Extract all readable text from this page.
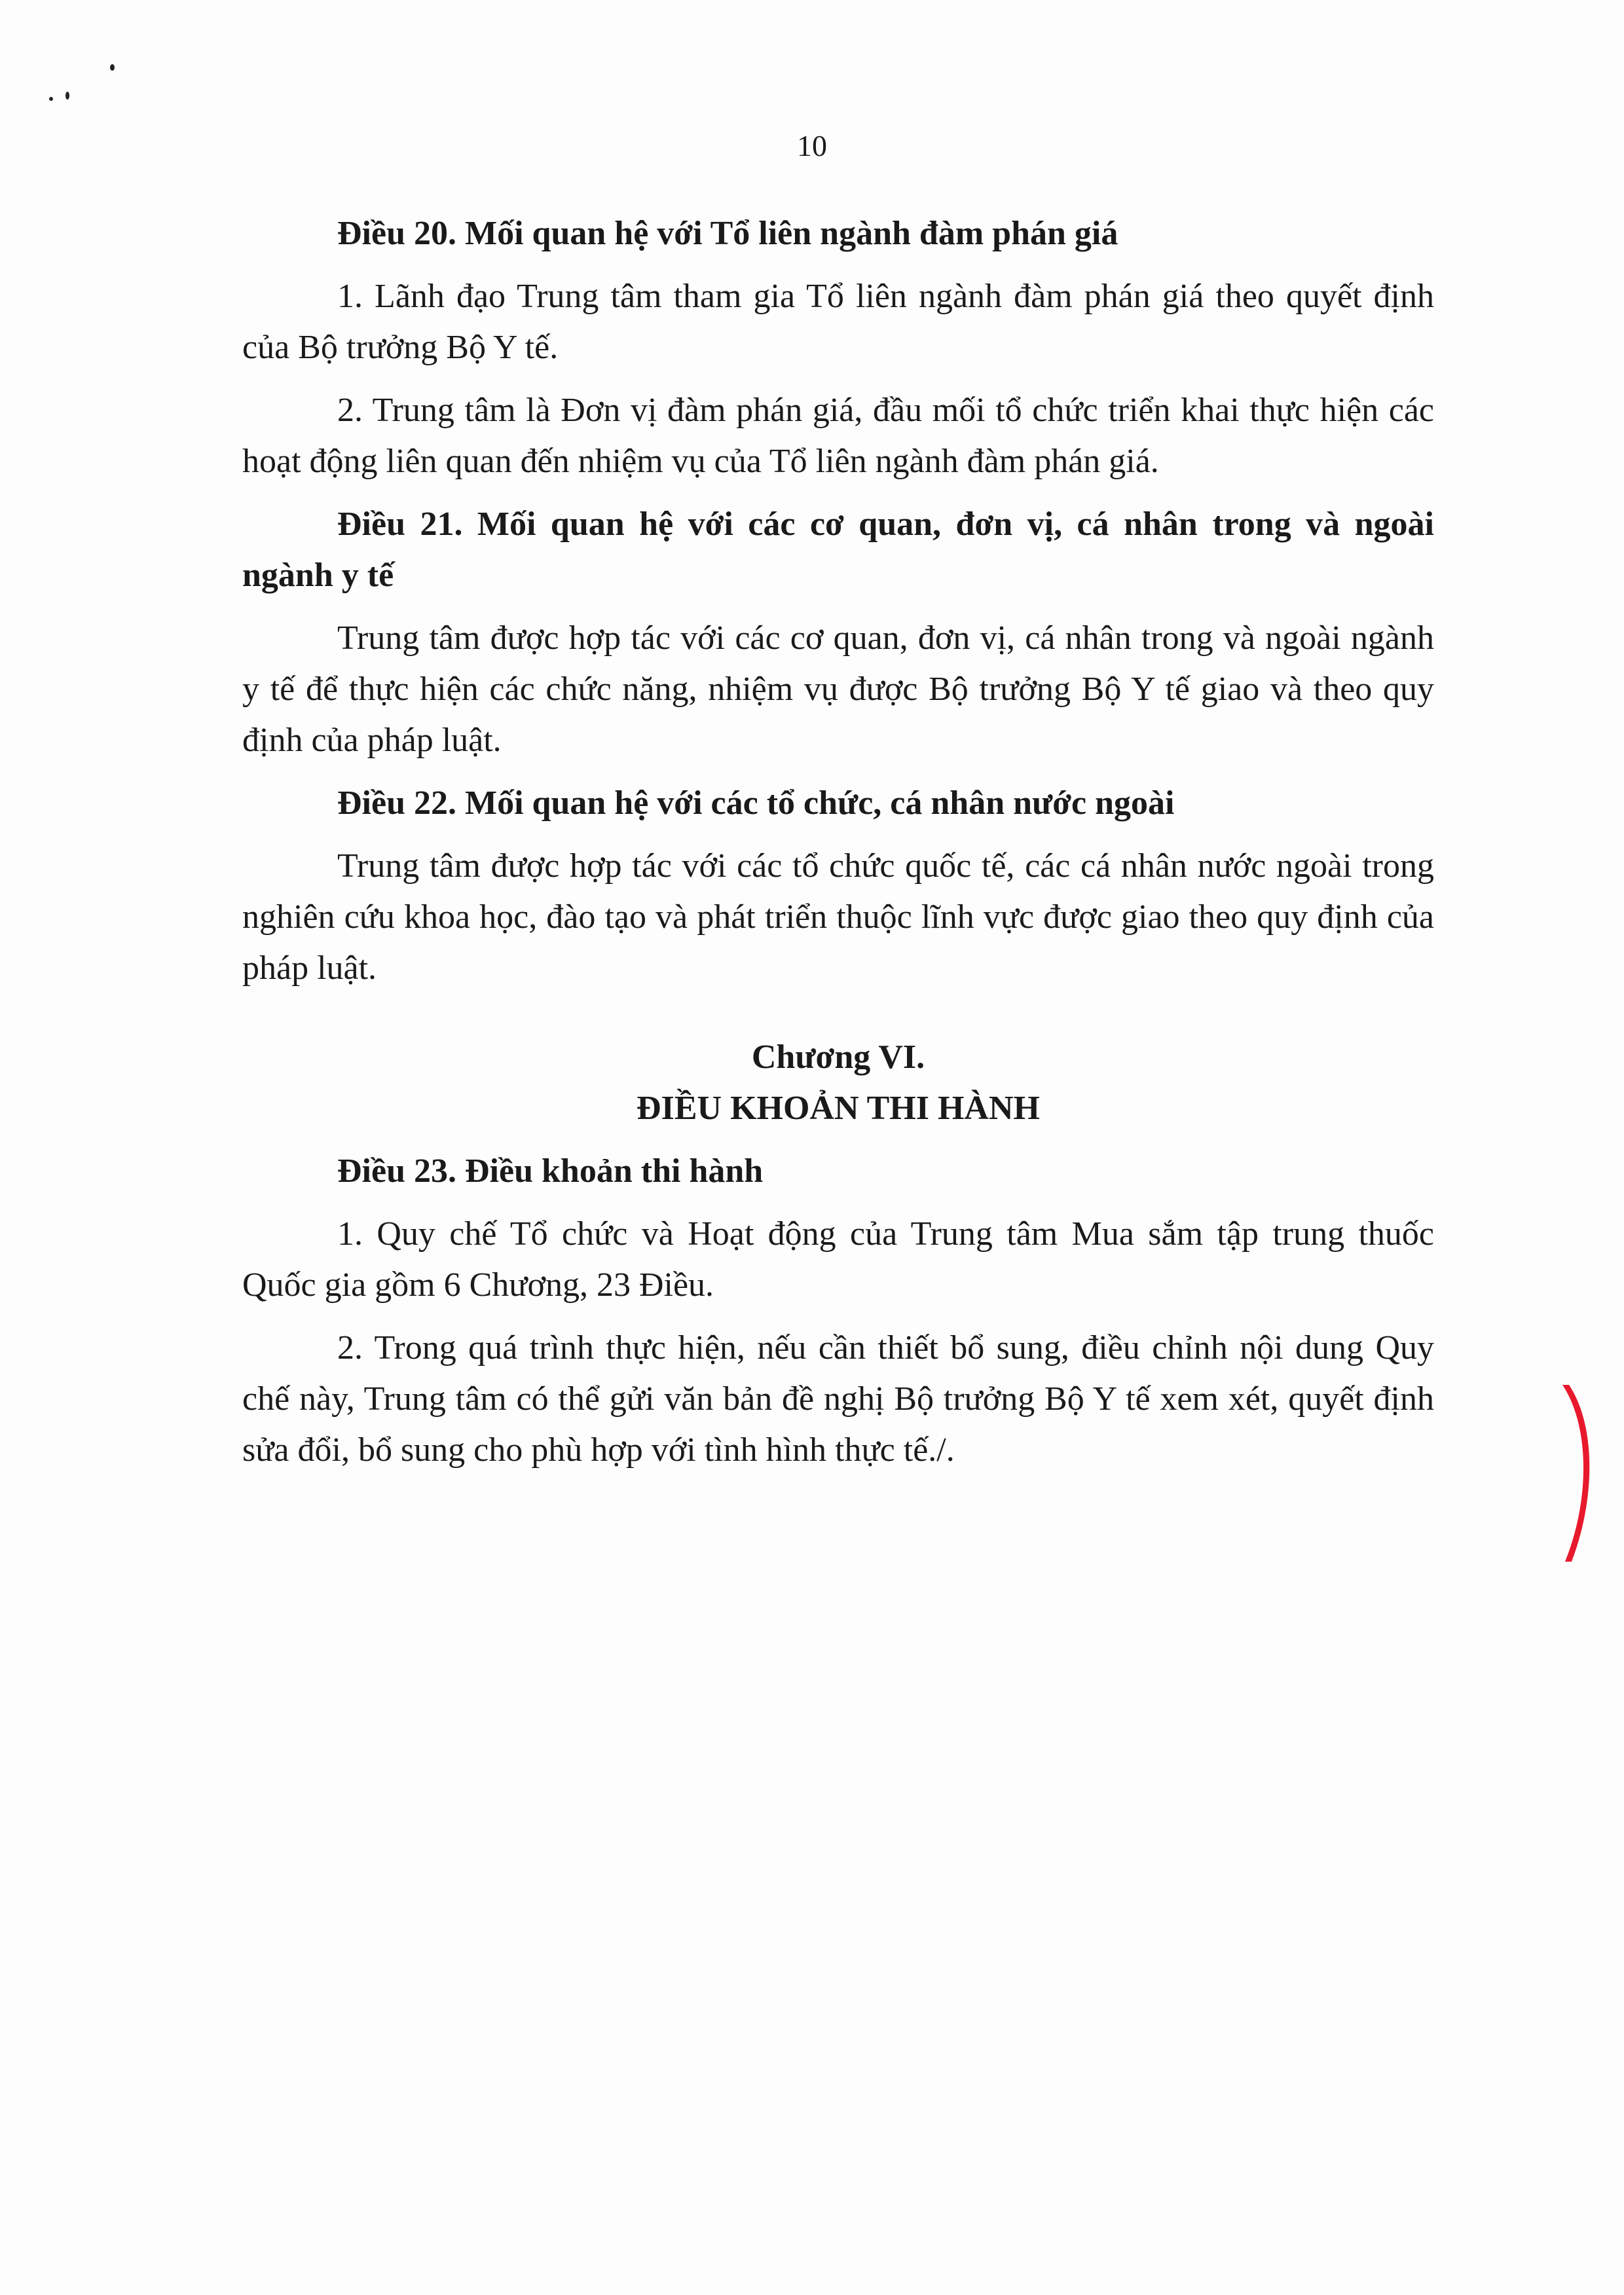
10

Điều 20. Mối quan hệ với Tổ liên ngành đàm phán giá

1. Lãnh đạo Trung tâm tham gia Tổ liên ngành đàm phán giá theo quyết định của Bộ trưởng Bộ Y tế.

2. Trung tâm là Đơn vị đàm phán giá, đầu mối tổ chức triển khai thực hiện các hoạt động liên quan đến nhiệm vụ của Tổ liên ngành đàm phán giá.

Điều 21. Mối quan hệ với các cơ quan, đơn vị, cá nhân trong và ngoài ngành y tế

Trung tâm được hợp tác với các cơ quan, đơn vị, cá nhân trong và ngoài ngành y tế để thực hiện các chức năng, nhiệm vụ được Bộ trưởng Bộ Y tế giao và theo quy định của pháp luật.

Điều 22. Mối quan hệ với các tổ chức, cá nhân nước ngoài

Trung tâm được hợp tác với các tổ chức quốc tế, các cá nhân nước ngoài trong nghiên cứu khoa học, đào tạo và phát triển thuộc lĩnh vực được giao theo quy định của pháp luật.

Chương VI.

ĐIỀU KHOẢN THI HÀNH

Điều 23. Điều khoản thi hành

1. Quy chế Tổ chức và Hoạt động của Trung tâm Mua sắm tập trung thuốc Quốc gia gồm 6 Chương, 23 Điều.

2. Trong quá trình thực hiện, nếu cần thiết bổ sung, điều chỉnh nội dung Quy chế này, Trung tâm có thể gửi văn bản đề nghị Bộ trưởng Bộ Y tế xem xét, quyết định sửa đổi, bổ sung cho phù hợp với tình hình thực tế./.
